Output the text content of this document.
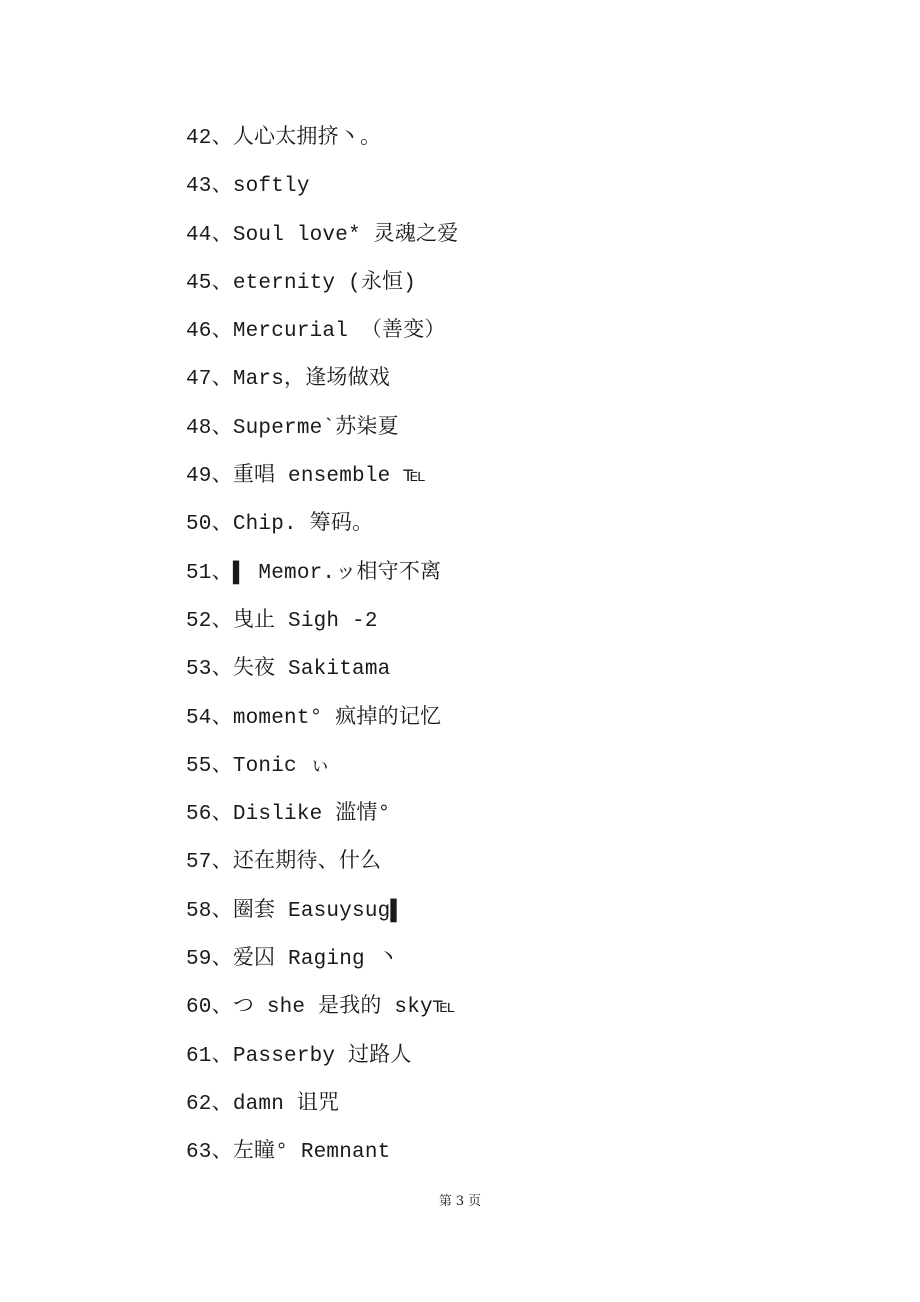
42、人心太拥挤丶。
43、softly
44、Soul love* 灵魂之爱
45、eternity (永恒)
46、Mercurial （善变）
47、Mars，逢场做戏
48、Superme`苏柒夏
49、重唱 ensemble ℡
50、Chip. 筹码。
51、▌ Memor.ッ相守不离
52、曳止 Sigh -2
53、失夜 Sakitama
54、moment° 疯掉的记忆
55、Tonic ぃ
56、Dislike 滥情°
57、还在期待、什么
58、圈套 Easuysug▌
59、爱囚 Raging 丶
60、つ she 是我的 sky℡
61、Passerby 过路人
62、damn 诅咒
63、左瞳° Remnant
第 3 页
